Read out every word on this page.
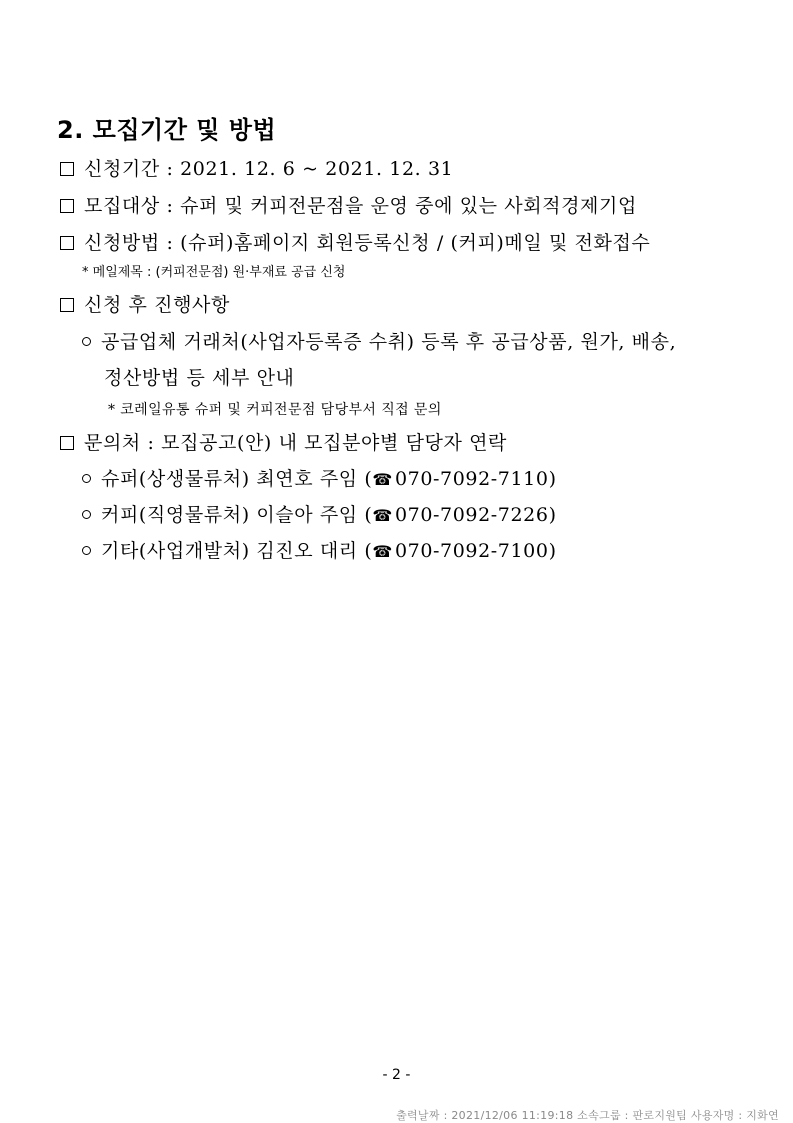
2. 모집기간 및 방법
신청기간 : 2021. 12. 6 ~ 2021. 12. 31
모집대상 : 슈퍼 및 커피전문점을 운영 중에 있는 사회적경제기업
신청방법 : (슈퍼)홈페이지 회원등록신청 / (커피)메일 및 전화접수
* 메일제목 : (커피전문점) 원·부재료 공급 신청
신청 후 진행사항
공급업체 거래처(사업자등록증 수취) 등록 후 공급상품, 원가, 배송,
정산방법 등 세부 안내
* 코레일유통 슈퍼 및 커피전문점 담당부서 직접 문의
문의처 : 모집공고(안) 내 모집분야별 담당자 연락
슈퍼(상생물류처) 최연호 주임 (☎ 070-7092-7110)
커피(직영물류처) 이슬아 주임 (☎ 070-7092-7226)
기타(사업개발처) 김진오 대리 (☎ 070-7092-7100)
- 2 -
출력날짜 : 2021/12/06 11:19:18 소속그룹 : 판로지원팀 사용자명 : 지화연
